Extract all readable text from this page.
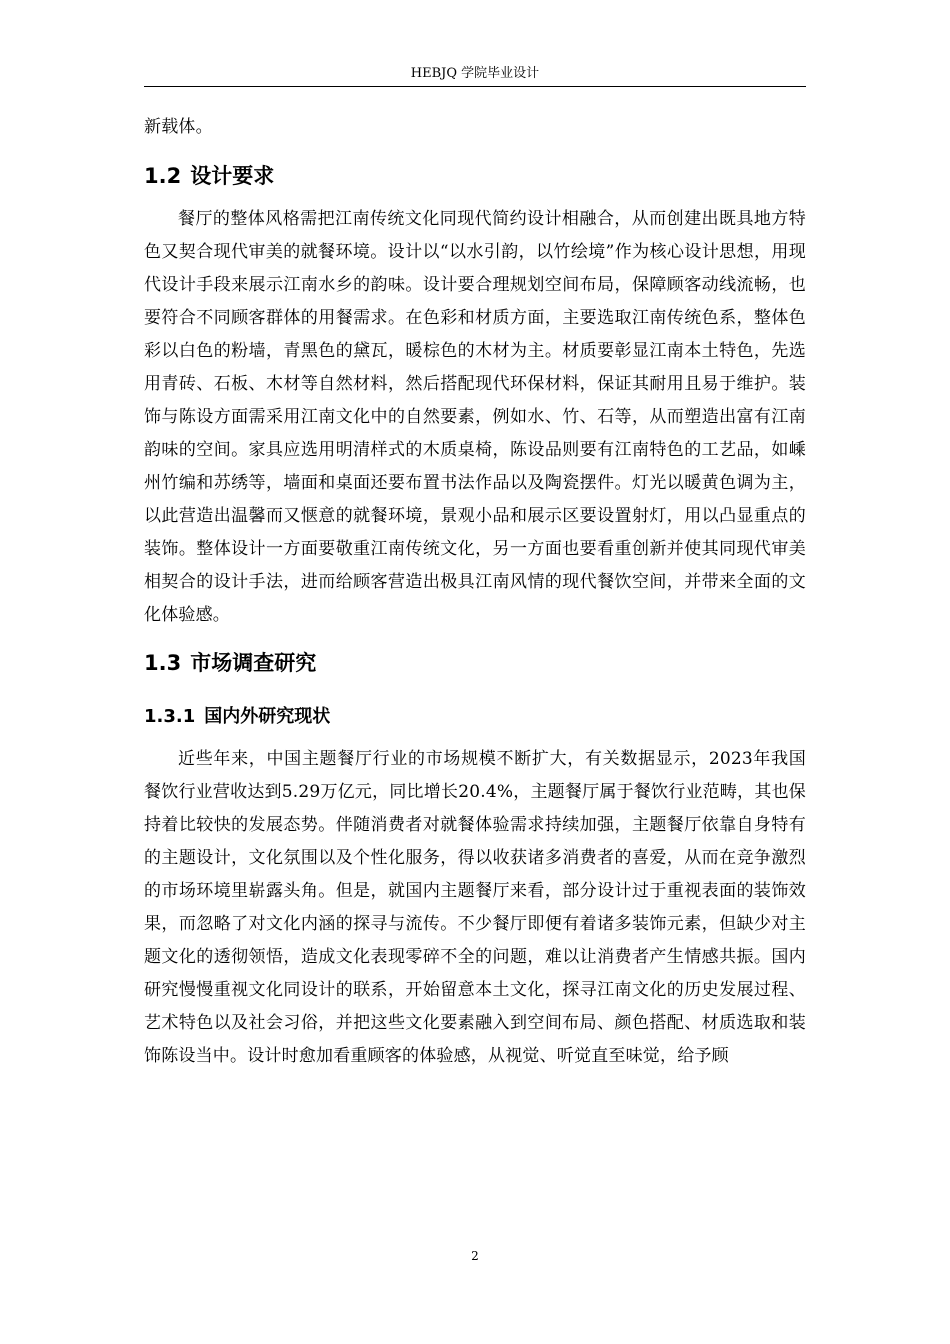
HEBJQ 学院毕业设计

新载体。

1.2 设计要求

餐厅的整体风格需把江南传统文化同现代简约设计相融合，从而创建出既具地方特色又契合现代审美的就餐环境。设计以“以水引韵，以竹绘境”作为核心设计思想，用现代设计手段来展示江南水乡的韵味。设计要合理规划空间布局，保障顾客动线流畅，也要符合不同顾客群体的用餐需求。在色彩和材质方面，主要选取江南传统色系，整体色彩以白色的粉墙，青黑色的黛瓦，暖棕色的木材为主。材质要彰显江南本土特色，先选用青砖、石板、木材等自然材料，然后搭配现代环保材料，保证其耐用且易于维护。装饰与陈设方面需采用江南文化中的自然要素，例如水、竹、石等，从而塑造出富有江南韵味的空间。家具应选用明清样式的木质桌椅，陈设品则要有江南特色的工艺品，如嵊州竹编和苏绣等，墙面和桌面还要布置书法作品以及陶瓷摆件。灯光以暖黄色调为主，以此营造出温馨而又惬意的就餐环境，景观小品和展示区要设置射灯，用以凸显重点的装饰。整体设计一方面要敬重江南传统文化，另一方面也要看重创新并使其同现代审美相契合的设计手法，进而给顾客营造出极具江南风情的现代餐饮空间，并带来全面的文化体验感。

1.3 市场调查研究
1.3.1 国内外研究现状

近些年来，中国主题餐厅行业的市场规模不断扩大，有关数据显示，2023年我国餐饮行业营收达到5.29万亿元，同比增长20.4%，主题餐厅属于餐饮行业范畴，其也保持着比较快的发展态势。伴随消费者对就餐体验需求持续加强，主题餐厅依靠自身特有的主题设计，文化氛围以及个性化服务，得以收获诸多消费者的喜爱，从而在竞争激烈的市场环境里崭露头角。但是，就国内主题餐厅来看，部分设计过于重视表面的装饰效果，而忽略了对文化内涵的探寻与流传。不少餐厅即便有着诸多装饰元素，但缺少对主题文化的透彻领悟，造成文化表现零碎不全的问题，难以让消费者产生情感共振。国内研究慢慢重视文化同设计的联系，开始留意本土文化，探寻江南文化的历史发展过程、艺术特色以及社会习俗，并把这些文化要素融入到空间布局、颜色搭配、材质选取和装饰陈设当中。设计时愈加看重顾客的体验感，从视觉、听觉直至味觉，给予顾

2
